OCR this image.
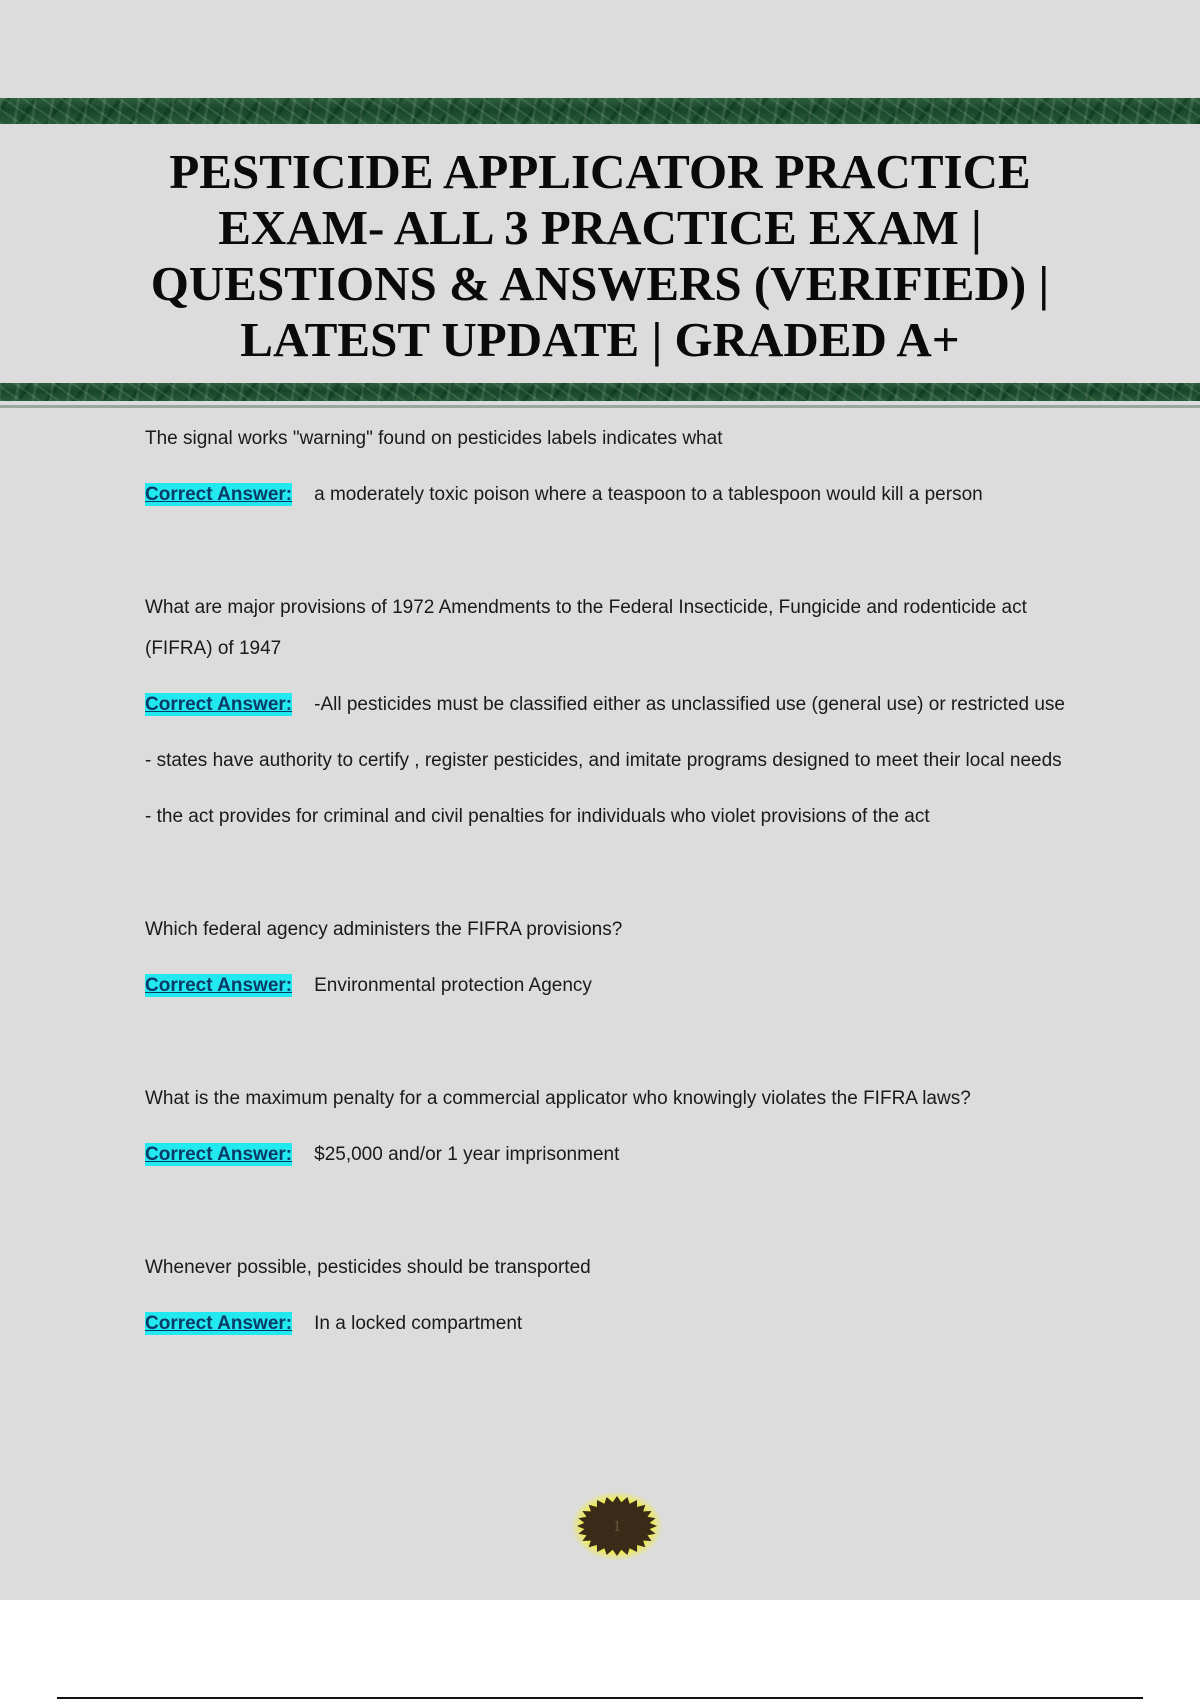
PESTICIDE APPLICATOR PRACTICE
EXAM- ALL 3 PRACTICE EXAM |
QUESTIONS & ANSWERS (VERIFIED) |
LATEST UPDATE | GRADED A+

The signal works "warning" found on pesticides labels indicates what

Correct Answer: a moderately toxic poison where a teaspoon to a tablespoon would kill a person

What are major provisions of 1972 Amendments to the Federal Insecticide, Fungicide and rodenticide act (FIFRA) of 1947

Correct Answer: -All pesticides must be classified either as unclassified use (general use) or restricted use

- states have authority to certify , register pesticides, and imitate programs designed to meet their local needs

- the act provides for criminal and civil penalties for individuals who violet provisions of the act

Which federal agency administers the FIFRA provisions?

Correct Answer: Environmental protection Agency

What is the maximum penalty for a commercial applicator who knowingly violates the FIFRA laws?

Correct Answer: $25,000 and/or 1 year imprisonment

Whenever possible, pesticides should be transported

Correct Answer: In a locked compartment

1
